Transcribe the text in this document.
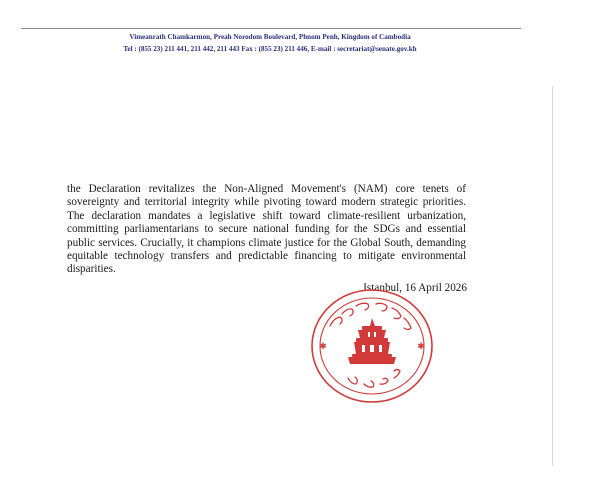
Vimeanrath Chamkarmon, Preah Norodom Boulevard, Phnom Penh, Kingdom of Cambodia
Tel : (855 23) 211 441, 211 442, 211 443 Fax : (855 23) 211 446, E-mail : secretariat@senate.gov.kh
the Declaration revitalizes the Non-Aligned Movement's (NAM) core tenets of sovereignty and territorial integrity while pivoting toward modern strategic priorities. The declaration mandates a legislative shift toward climate-resilient urbanization, committing parliamentarians to secure national funding for the SDGs and essential public services. Crucially, it champions climate justice for the Global South, demanding equitable technology transfers and predictable financing to mitigate environmental disparities.
Istanbul, 16 April 2026
✱	✱
